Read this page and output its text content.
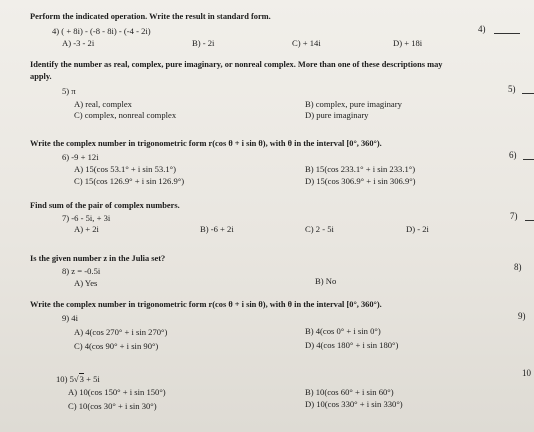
Perform the indicated operation. Write the result in standard form.
4) ( + 8i) - (-8 - 8i) - (-4 - 2i)	4)
A) -3 - 2i	B) - 2i	C) + 14i	D) + 18i
Identify the number as real, complex, pure imaginary, or nonreal complex. More than one of these descriptions may
apply.
5) π	5)
A) real, complex	B) complex, pure imaginary
C) complex, nonreal complex	D) pure imaginary
Write the complex number in trigonometric form r(cos θ + i sin θ), with θ in the interval [0°, 360°).
6) -9 + 12i	6)
A) 15(cos 53.1° + i sin 53.1°)	B) 15(cos 233.1° + i sin 233.1°)
C) 15(cos 126.9° + i sin 126.9°)	D) 15(cos 306.9° + i sin 306.9°)
Find sum of the pair of complex numbers.
7) -6 - 5i, + 3i	7)
A) + 2i	B) -6 + 2i	C) 2 - 5i	D) - 2i
Is the given number z in the Julia set?
8) z = -0.5i	8)
A) Yes	B) No
Write the complex number in trigonometric form r(cos θ + i sin θ), with θ in the interval [0°, 360°).
9) 4i	9)
A) 4(cos 270° + i sin 270°)	B) 4(cos 0° + i sin 0°)
C) 4(cos 90° + i sin 90°)	D) 4(cos 180° + i sin 180°)
10) 5√3 + 5i
10
A) 10(cos 150° + i sin 150°)	B) 10(cos 60° + i sin 60°)
C) 10(cos 30° + i sin 30°)	D) 10(cos 330° + i sin 330°)
